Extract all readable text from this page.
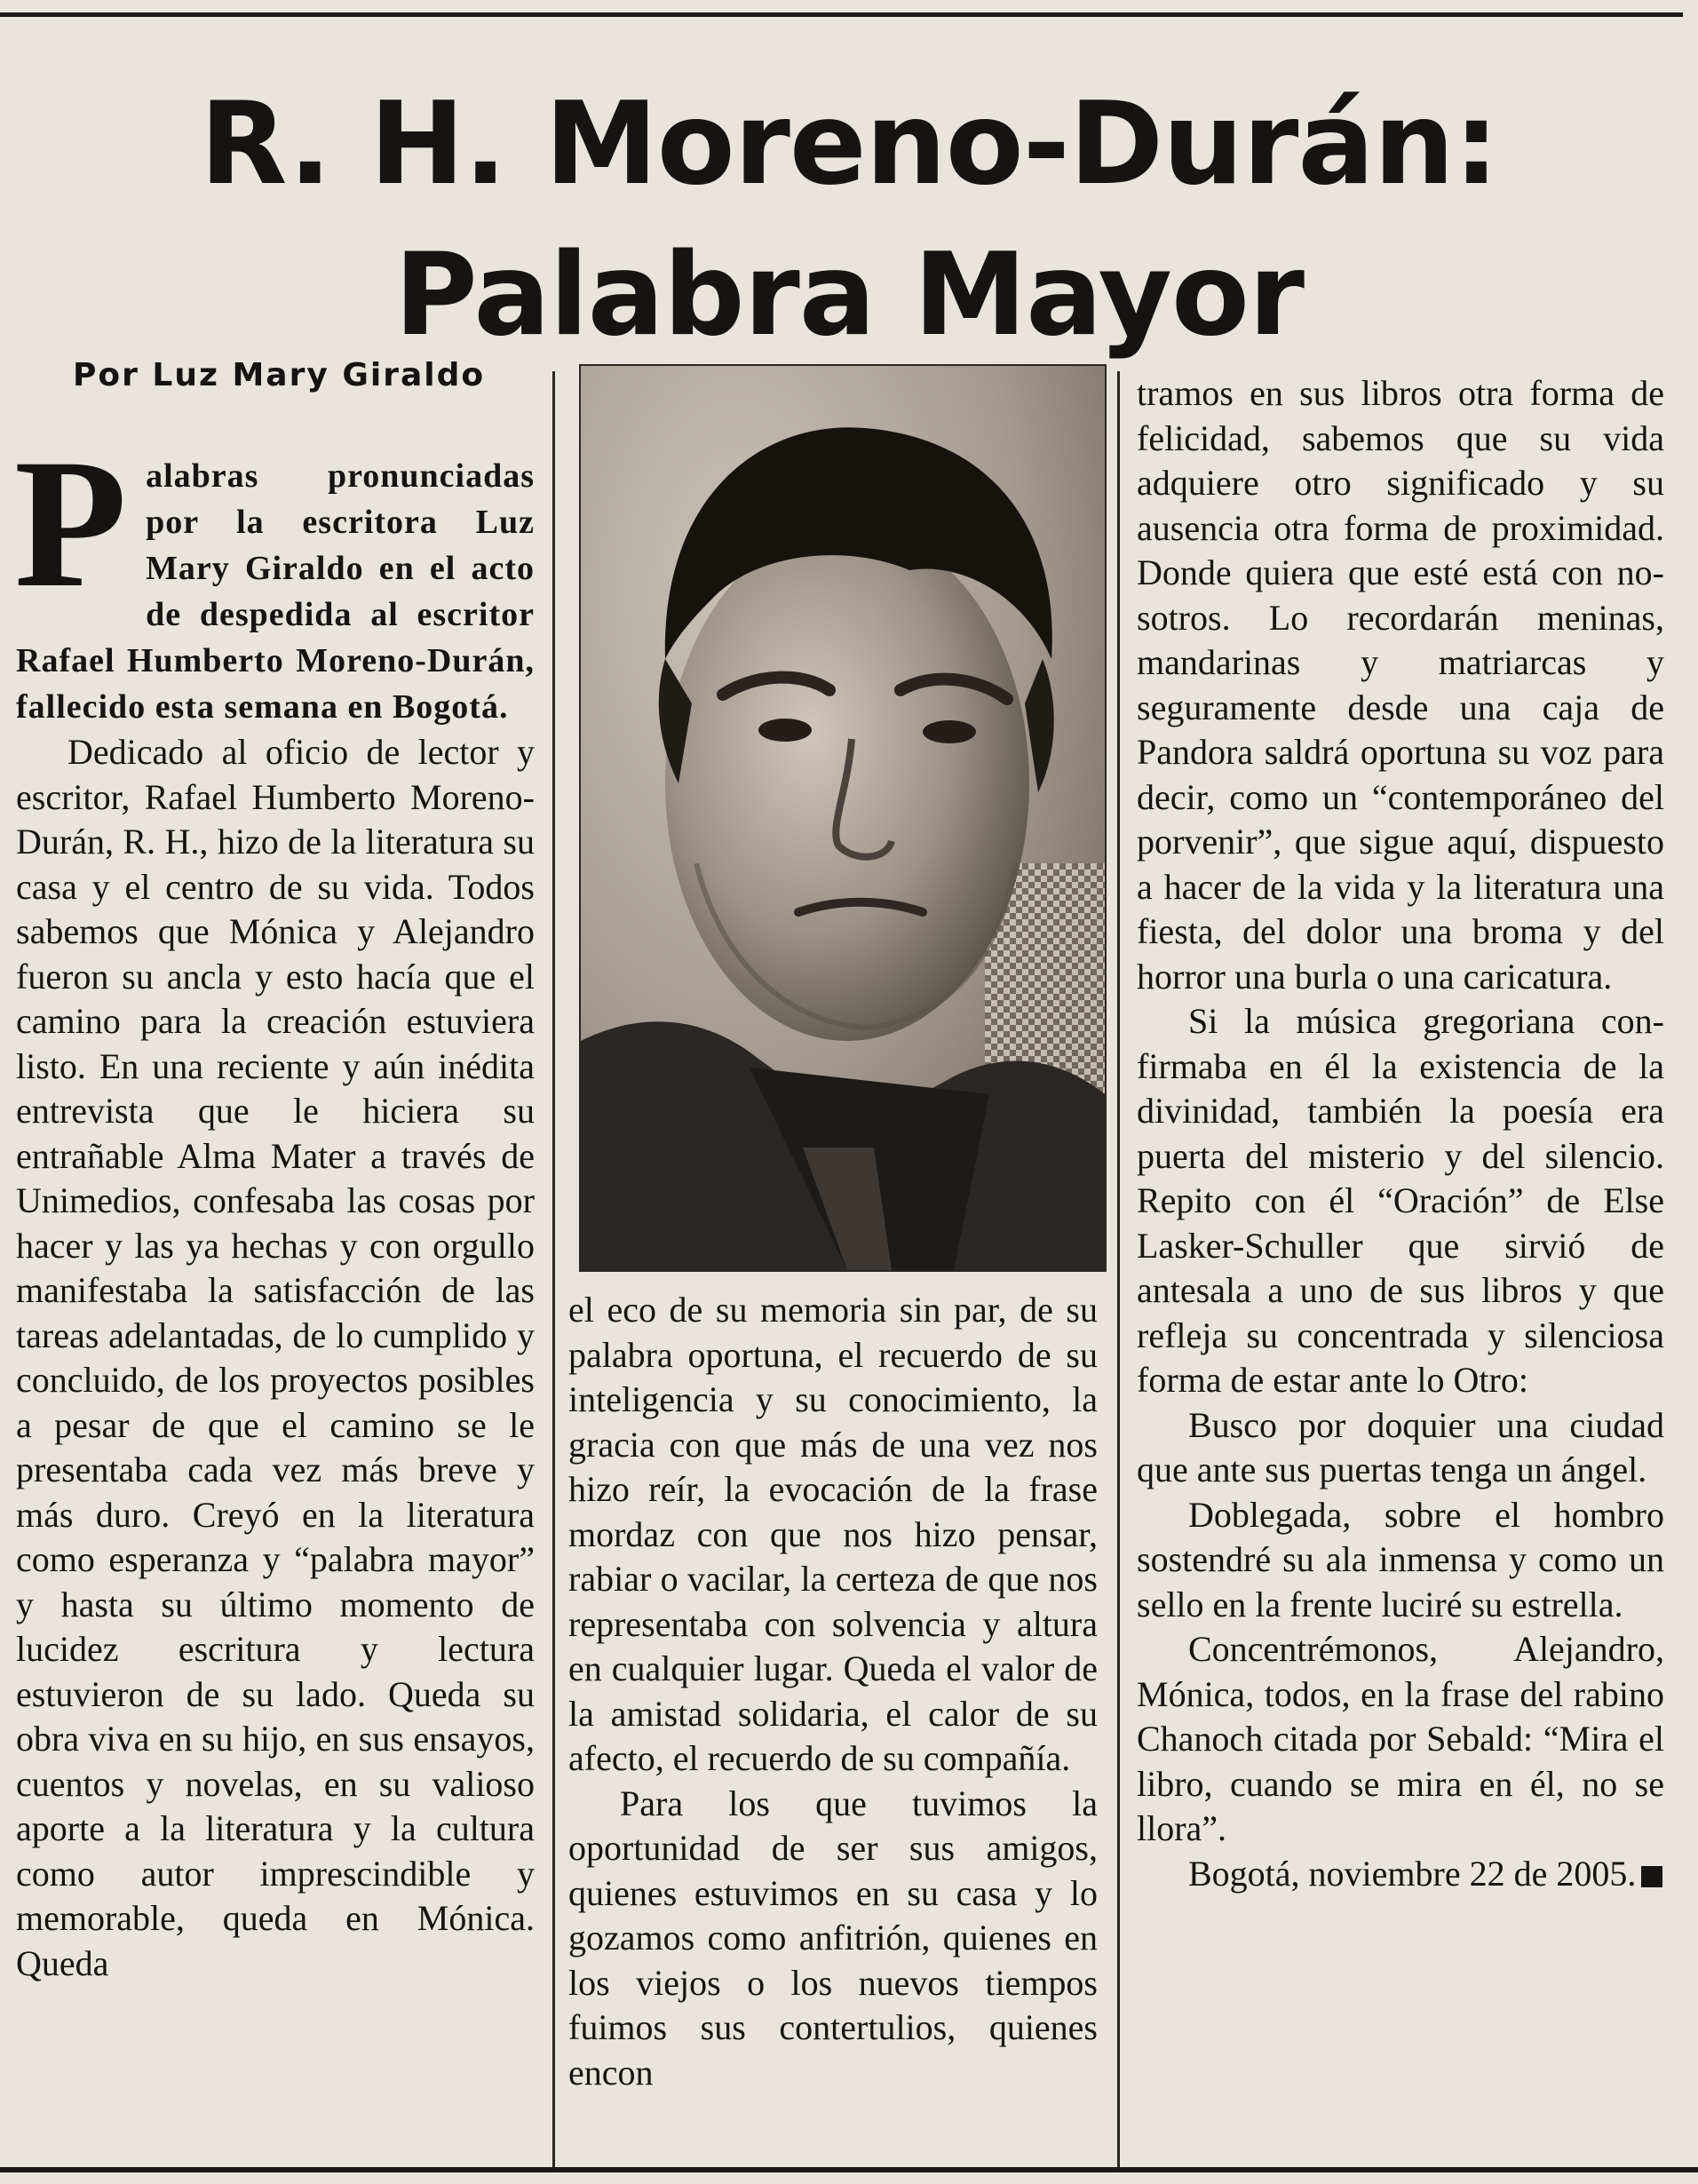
R. H. Moreno-Durán:
Palabra Mayor

Por Luz Mary Giraldo

Palabras pronunciadas por la escritora Luz Mary Giraldo en el acto de despedida al escritor Rafael Humberto Moreno-Durán, fallecido esta semana en Bogotá.

Dedicado al oficio de lector y escritor, Rafael Humberto Moreno-Durán, R. H., hizo de la literatura su casa y el centro de su vida. Todos sabemos que Mónica y Alejandro fueron su ancla y esto hacía que el camino para la creación estuviera listo. En una reciente y aún inédita entrevista que le hiciera su entrañable Alma Mater a través de Unimedios, confesaba las cosas por hacer y las ya hechas y con orgullo manifestaba la satisfacción de las tareas adelantadas, de lo cumplido y concluido, de los proyectos posibles a pesar de que el camino se le presentaba cada vez más breve y más duro. Creyó en la literatura como esperanza y “palabra mayor” y hasta su último momento de lucidez escritura y lectura estuvieron de su lado. Queda su obra viva en su hijo, en sus ensayos, cuentos y novelas, en su valioso aporte a la literatura y la cultura como autor imprescindible y memorable, queda en Mónica. Queda

el eco de su memoria sin par, de su palabra oportuna, el recuerdo de su inteligencia y su conocimiento, la gracia con que más de una vez nos hizo reír, la evocación de la frase mordaz con que nos hizo pensar, rabiar o vacilar, la certeza de que nos representaba con solvencia y altura en cualquier lugar. Queda el valor de la amistad solidaria, el calor de su afecto, el recuerdo de su compañía.

Para los que tuvimos la oportunidad de ser sus amigos, quienes estuvimos en su casa y lo gozamos como anfitrión, quienes en los viejos o los nuevos tiempos fuimos sus contertulios, quienes encon

tramos en sus libros otra forma de felicidad, sabemos que su vida adquiere otro significado y su ausencia otra forma de proximidad. Donde quiera que esté está con nosotros. Lo recordarán meninas, mandarinas y matriarcas y seguramente desde una caja de Pandora saldrá oportuna su voz para decir, como un “contemporáneo del porvenir”, que sigue aquí, dispuesto a hacer de la vida y la literatura una fiesta, del dolor una broma y del horror una burla o una caricatura.

Si la música gregoriana confirmaba en él la existencia de la divinidad, también la poesía era puerta del misterio y del silencio. Repito con él “Oración” de Else Lasker-Schuller que sirvió de antesala a uno de sus libros y que refleja su concentrada y silenciosa forma de estar ante lo Otro:

Busco por doquier una ciudad que ante sus puertas tenga un ángel.

Doblegada, sobre el hombro sostendré su ala inmensa y como un sello en la frente luciré su estrella.

Concentrémonos, Alejandro, Mónica, todos, en la frase del rabino Chanoch citada por Sebald: “Mira el libro, cuando se mira en él, no se llora”.

Bogotá, noviembre 22 de 2005.
